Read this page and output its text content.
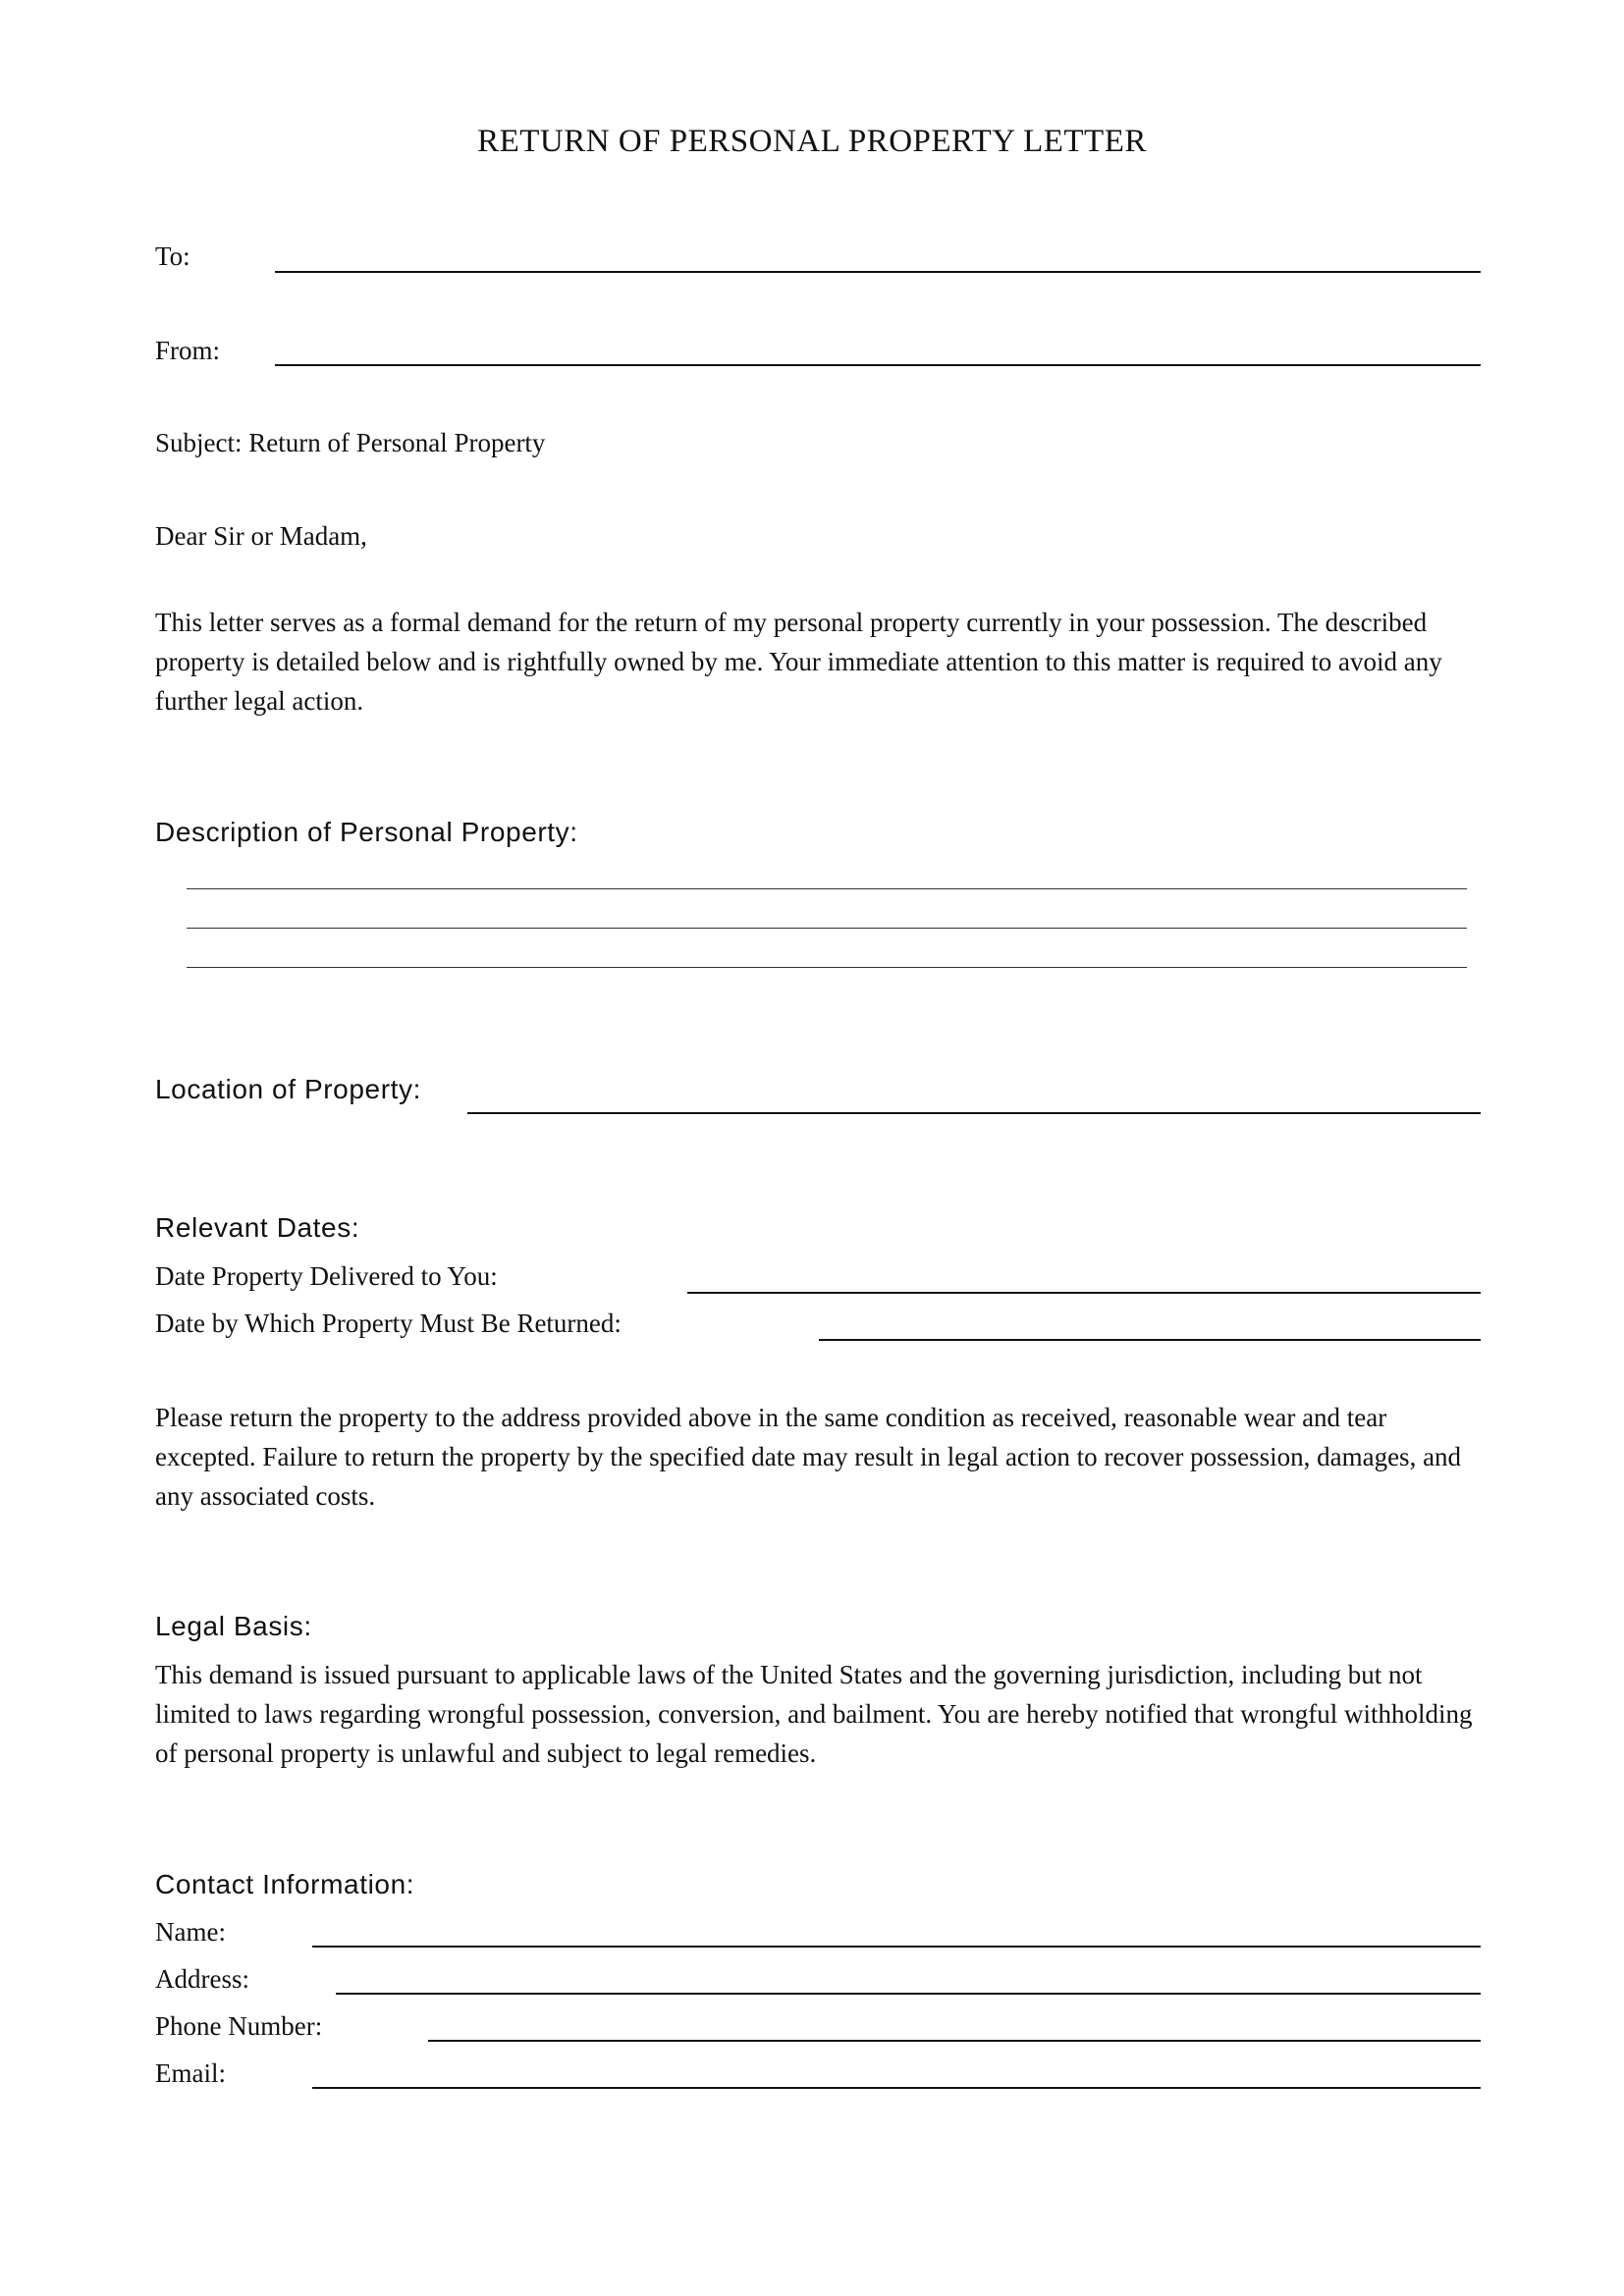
RETURN OF PERSONAL PROPERTY LETTER
To:
From:
Subject: Return of Personal Property
Dear Sir or Madam,
This letter serves as a formal demand for the return of my personal property currently in your possession. The described property is detailed below and is rightfully owned by me. Your immediate attention to this matter is required to avoid any further legal action.
Description of Personal Property:
Location of Property:
Relevant Dates:
Date Property Delivered to You:
Date by Which Property Must Be Returned:
Please return the property to the address provided above in the same condition as received, reasonable wear and tear excepted. Failure to return the property by the specified date may result in legal action to recover possession, damages, and any associated costs.
Legal Basis:
This demand is issued pursuant to applicable laws of the United States and the governing jurisdiction, including but not limited to laws regarding wrongful possession, conversion, and bailment. You are hereby notified that wrongful withholding of personal property is unlawful and subject to legal remedies.
Contact Information:
Name:
Address:
Phone Number:
Email:
